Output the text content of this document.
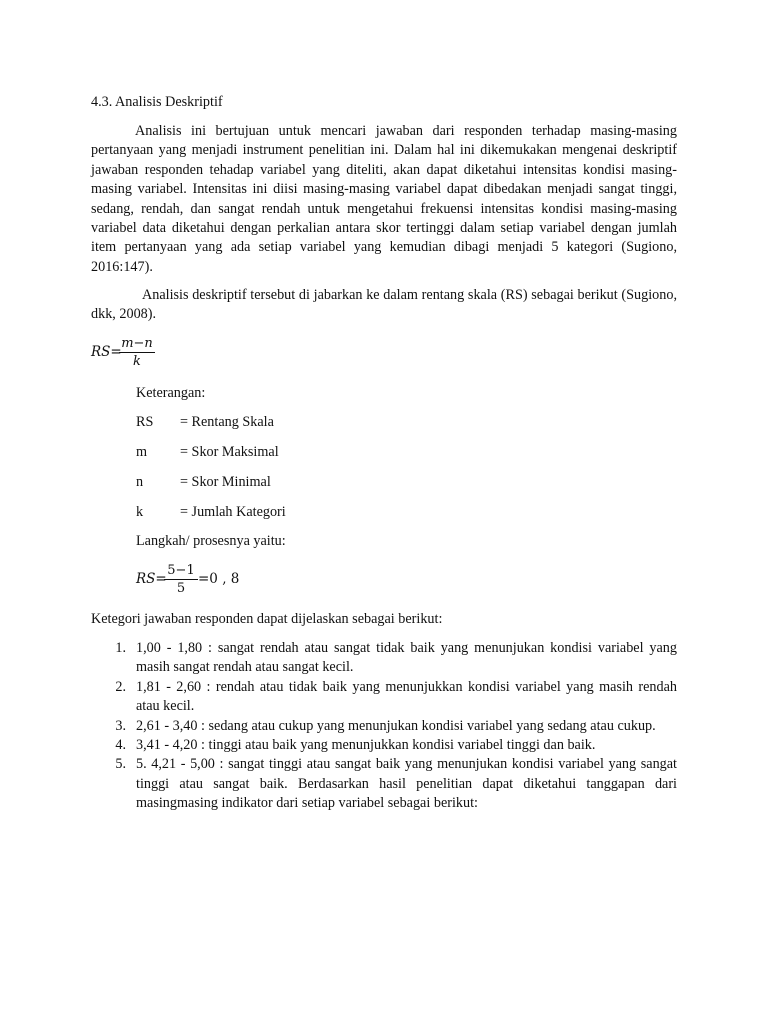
4.3. Analisis Deskriptif

Analisis ini bertujuan untuk mencari jawaban dari responden terhadap masing-masing pertanyaan yang menjadi instrument penelitian ini. Dalam hal ini dikemukakan mengenai deskriptif jawaban responden tehadap variabel yang diteliti, akan dapat diketahui intensitas kondisi masing-masing variabel. Intensitas ini diisi masing-masing variabel dapat dibedakan menjadi sangat tinggi, sedang, rendah, dan sangat rendah untuk mengetahui frekuensi intensitas kondisi masing-masing variabel data diketahui dengan perkalian antara skor tertinggi dalam setiap variabel dengan jumlah item pertanyaan yang ada setiap variabel yang kemudian dibagi menjadi 5 kategori (Sugiono, 2016:147).

Analisis deskriptif tersebut di jabarkan ke dalam rentang skala (RS) sebagai berikut (Sugiono, dkk, 2008).

RS=
m−n
k
Keterangan:
RS = Rentang Skala
m = Skor Maksimal
n	= Skor Minimal
k	= Jumlah Kategori
Langkah/ prosesnya yaitu:
RS=
5−1
5
=0 , 8
Ketegori jawaban responden dapat dijelaskan sebagai berikut:
1. 1,00 - 1,80 : sangat rendah atau sangat tidak baik yang menunjukan kondisi variabel yang masih sangat rendah atau sangat kecil.
2. 1,81 - 2,60 : rendah atau tidak baik yang menunjukkan kondisi variabel yang masih rendah atau kecil.
3. 2,61 - 3,40 : sedang atau cukup yang menunjukan kondisi variabel yang sedang atau cukup.
4. 3,41 - 4,20 : tinggi atau baik yang menunjukkan kondisi variabel tinggi dan baik.
5. 5. 4,21 - 5,00 : sangat tinggi atau sangat baik yang menunjukan kondisi variabel yang sangat tinggi atau sangat baik. Berdasarkan hasil penelitian dapat diketahui tanggapan dari masingmasing indikator dari setiap variabel sebagai berikut:
